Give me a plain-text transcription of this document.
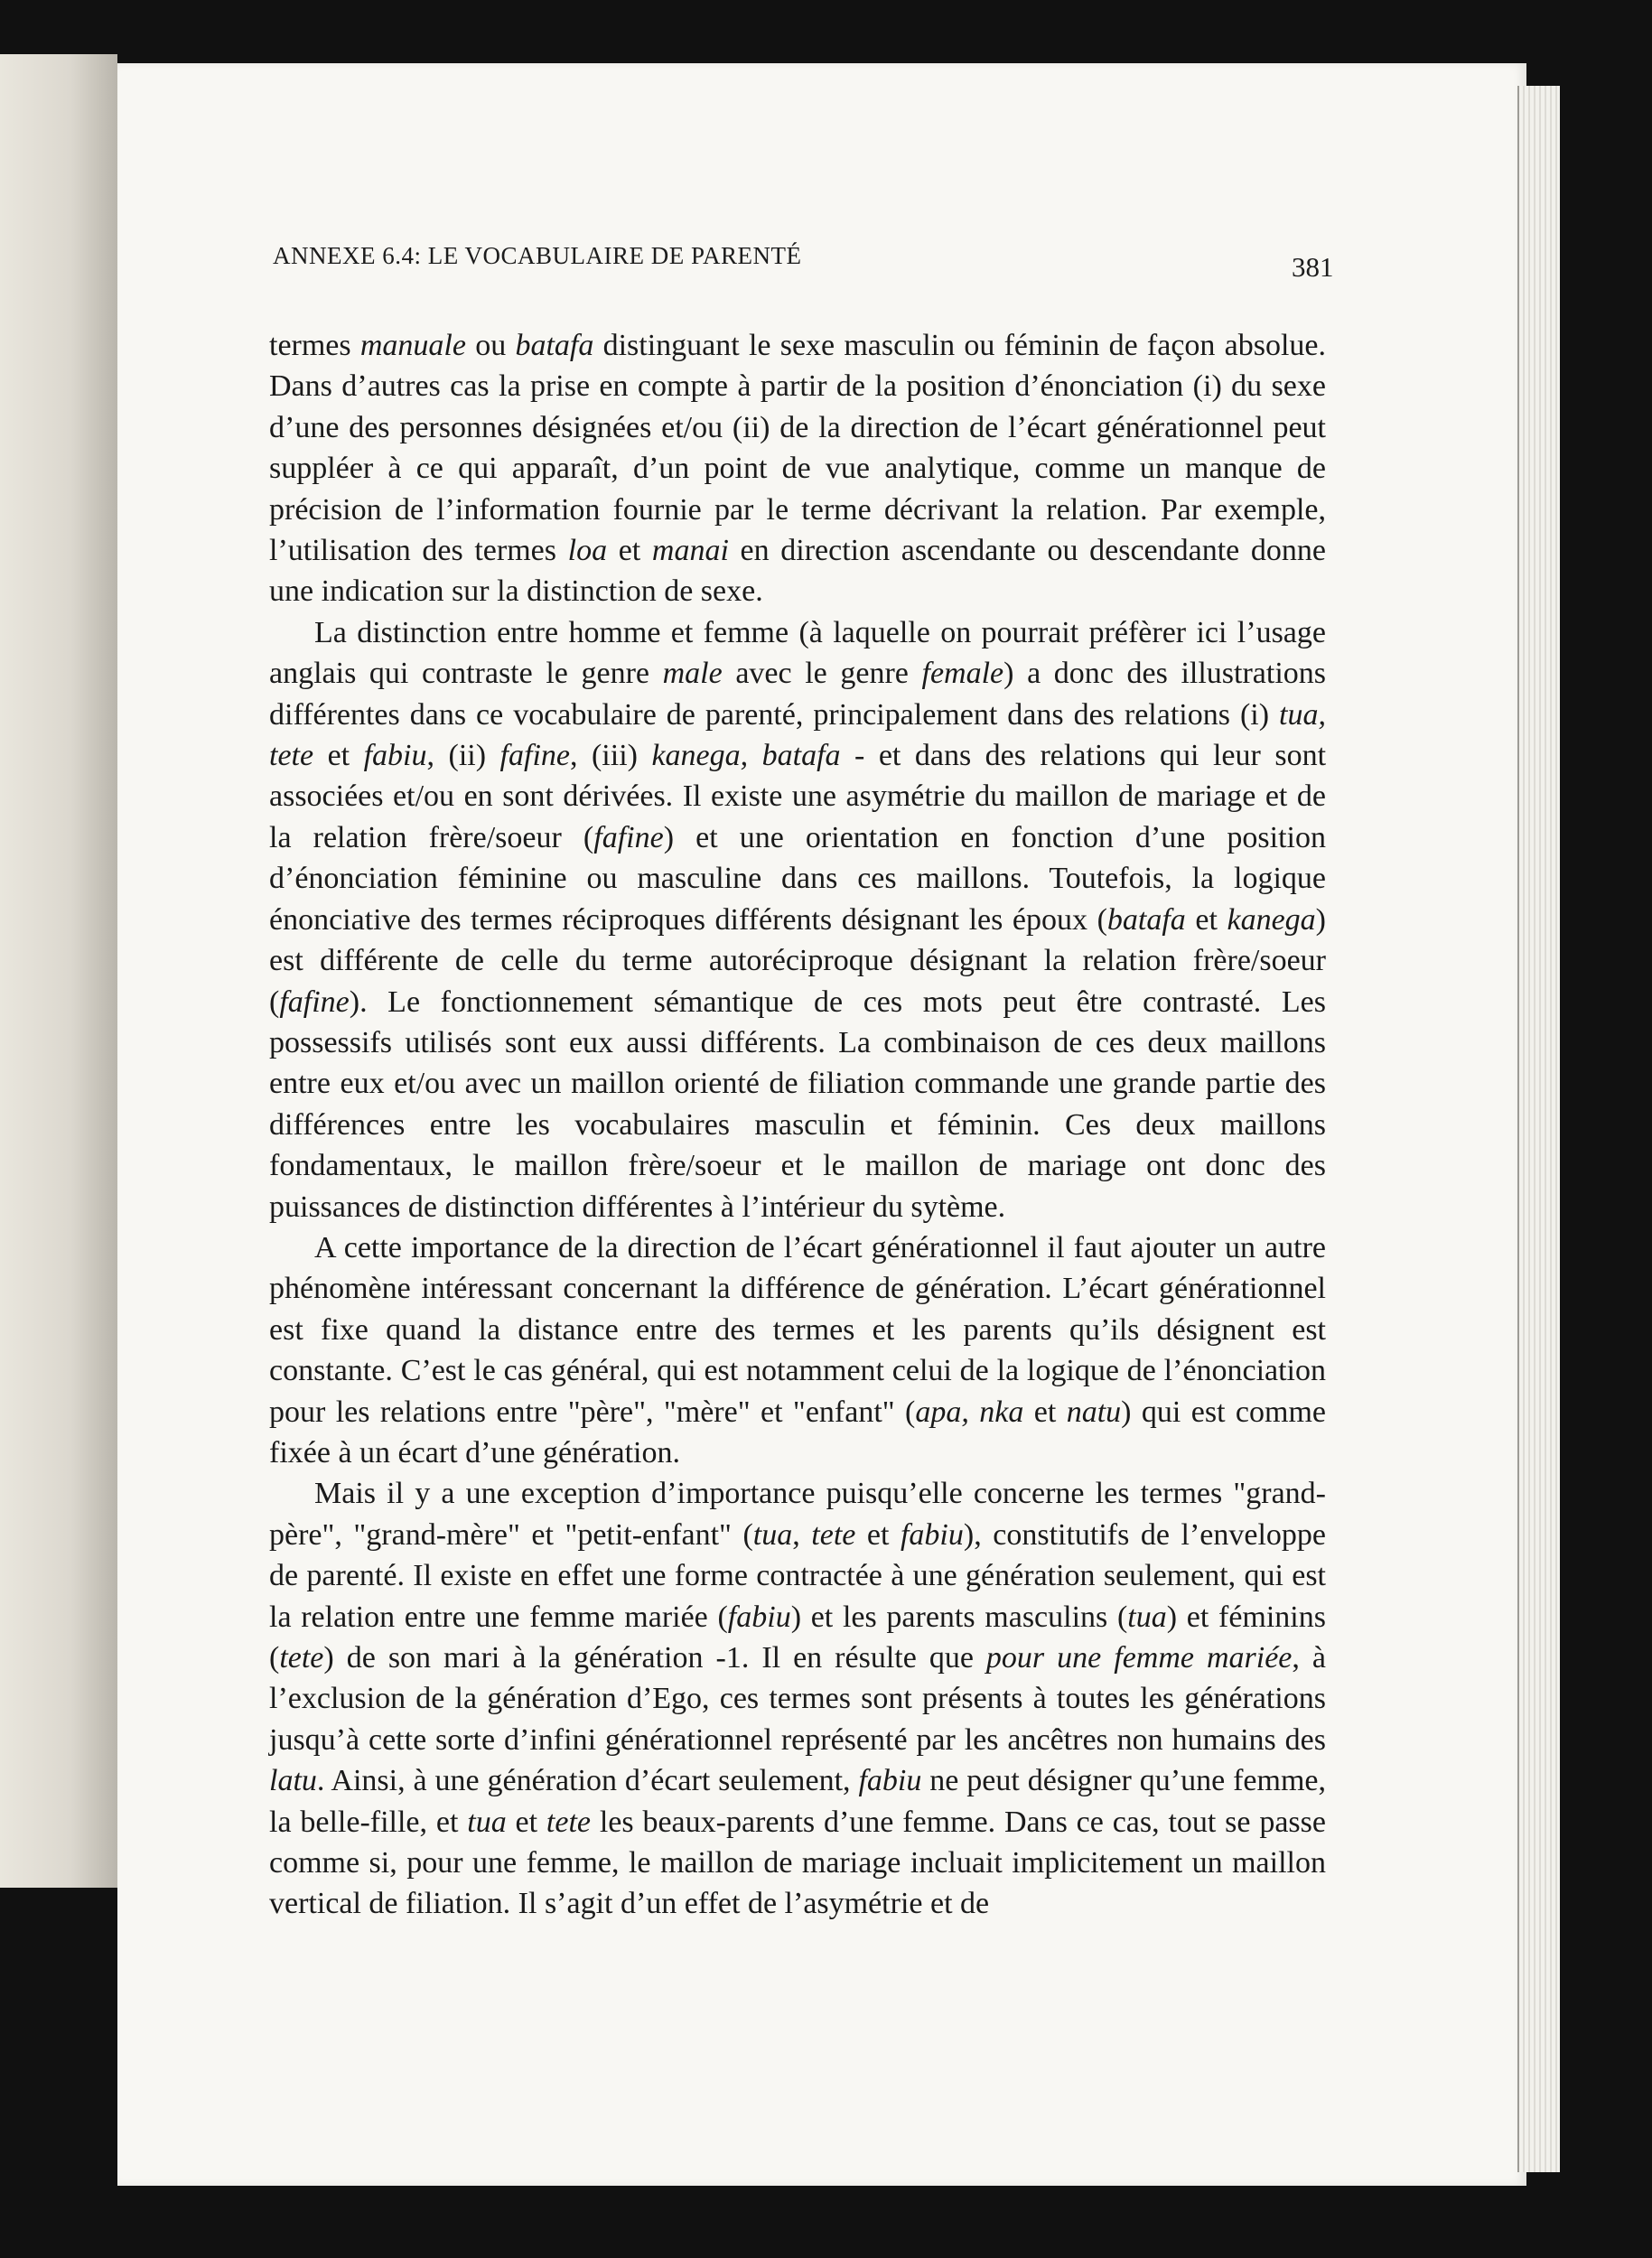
ANNEXE 6.4: LE VOCABULAIRE DE PARENTÉ	381

termes manuale ou batafa distinguant le sexe masculin ou féminin de façon absolue. Dans d’autres cas la prise en compte à partir de la position d’énonciation (i) du sexe d’une des personnes désignées et/ou (ii) de la direction de l’écart générationnel peut suppléer à ce qui apparaît, d’un point de vue analytique, comme un manque de précision de l’information fournie par le terme décrivant la relation. Par exemple, l’utilisation des termes loa et manai en direction ascendante ou descendante donne une indication sur la distinction de sexe.

La distinction entre homme et femme (à laquelle on pourrait préfèrer ici l’usage anglais qui contraste le genre male avec le genre female) a donc des illustrations différentes dans ce vocabulaire de parenté, principalement dans des relations (i) tua, tete et fabiu, (ii) fafine, (iii) kanega, batafa - et dans des relations qui leur sont associées et/ou en sont dérivées. Il existe une asymétrie du maillon de mariage et de la relation frère/soeur (fafine) et une orientation en fonction d’une position d’énonciation féminine ou masculine dans ces maillons. Toutefois, la logique énonciative des termes réciproques différents désignant les époux (batafa et kanega) est différente de celle du terme autoréciproque désignant la relation frère/soeur (fafine). Le fonctionnement sémantique de ces mots peut être contrasté. Les possessifs utilisés sont eux aussi différents. La combinaison de ces deux maillons entre eux et/ou avec un maillon orienté de filiation commande une grande partie des différences entre les vocabulaires masculin et féminin. Ces deux maillons fondamentaux, le maillon frère/soeur et le maillon de mariage ont donc des puissances de distinction différentes à l’intérieur du sytème.

A cette importance de la direction de l’écart générationnel il faut ajouter un autre phénomène intéressant concernant la différence de génération. L’écart générationnel est fixe quand la distance entre des termes et les parents qu’ils désignent est constante. C’est le cas général, qui est notamment celui de la logique de l’énonciation pour les relations entre "père", "mère" et "enfant" (apa, nka et natu) qui est comme fixée à un écart d’une génération.

Mais il y a une exception d’importance puisqu’elle concerne les termes "grand-père", "grand-mère" et "petit-enfant" (tua, tete et fabiu), constitutifs de l’enveloppe de parenté. Il existe en effet une forme contractée à une génération seulement, qui est la relation entre une femme mariée (fabiu) et les parents masculins (tua) et féminins (tete) de son mari à la génération -1. Il en résulte que pour une femme mariée, à l’exclusion de la génération d’Ego, ces termes sont présents à toutes les générations jusqu’à cette sorte d’infini générationnel représenté par les ancêtres non humains des latu. Ainsi, à une génération d’écart seulement, fabiu ne peut désigner qu’une femme, la belle-fille, et tua et tete les beaux-parents d’une femme. Dans ce cas, tout se passe comme si, pour une femme, le maillon de mariage incluait implicitement un maillon vertical de filiation. Il s’agit d’un effet de l’asymétrie et de
